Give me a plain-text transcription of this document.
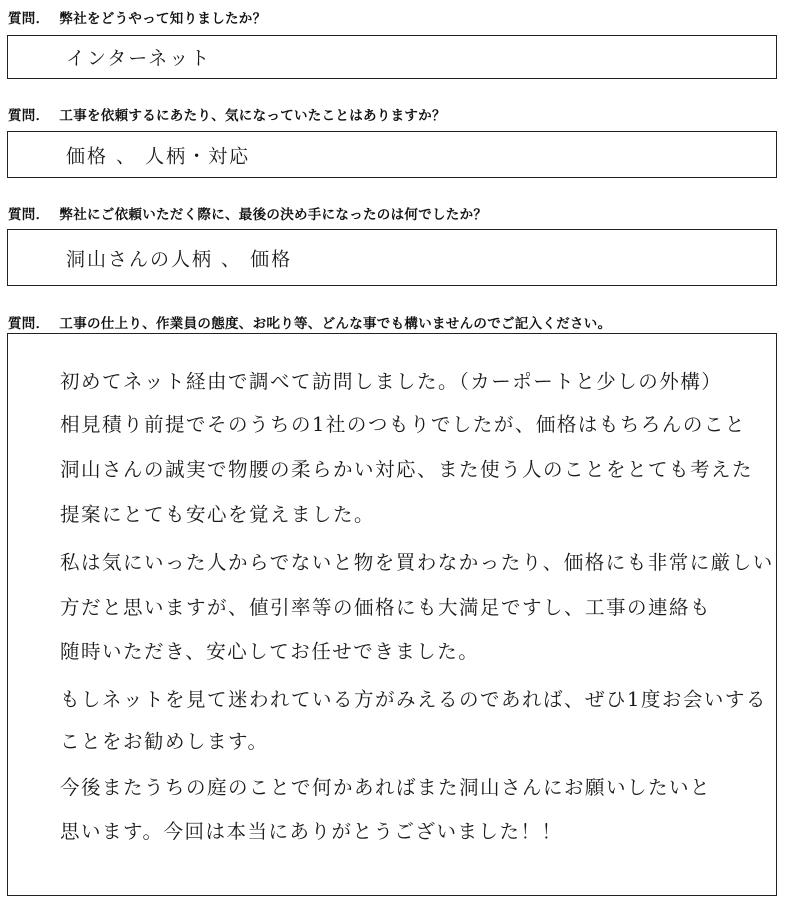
質問． 弊社をどうやって知りましたか？
インターネット
質問． 工事を依頼するにあたり、気になっていたことはありますか？
価格 、 人柄・対応
質問． 弊社にご依頼いただく際に、最後の決め手になったのは何でしたか？
洞山さんの人柄 、 価格
質問． 工事の仕上り、作業員の態度、お叱り等、どんな事でも構いませんのでご記入ください。
初めてネット経由で調べて訪問しました。（カーポートと少しの外構）
相見積り前提でそのうちの1社のつもりでしたが、価格はもちろんのこと
洞山さんの誠実で物腰の柔らかい対応、また使う人のことをとても考えた
提案にとても安心を覚えました。
私は気にいった人からでないと物を買わなかったり、価格にも非常に厳しい
方だと思いますが、値引率等の価格にも大満足ですし、工事の連絡も
随時いただき、安心してお任せできました。
もしネットを見て迷われている方がみえるのであれば、ぜひ1度お会いする
ことをお勧めします。
今後またうちの庭のことで何かあればまた洞山さんにお願いしたいと
思います。今回は本当にありがとうございました！！
